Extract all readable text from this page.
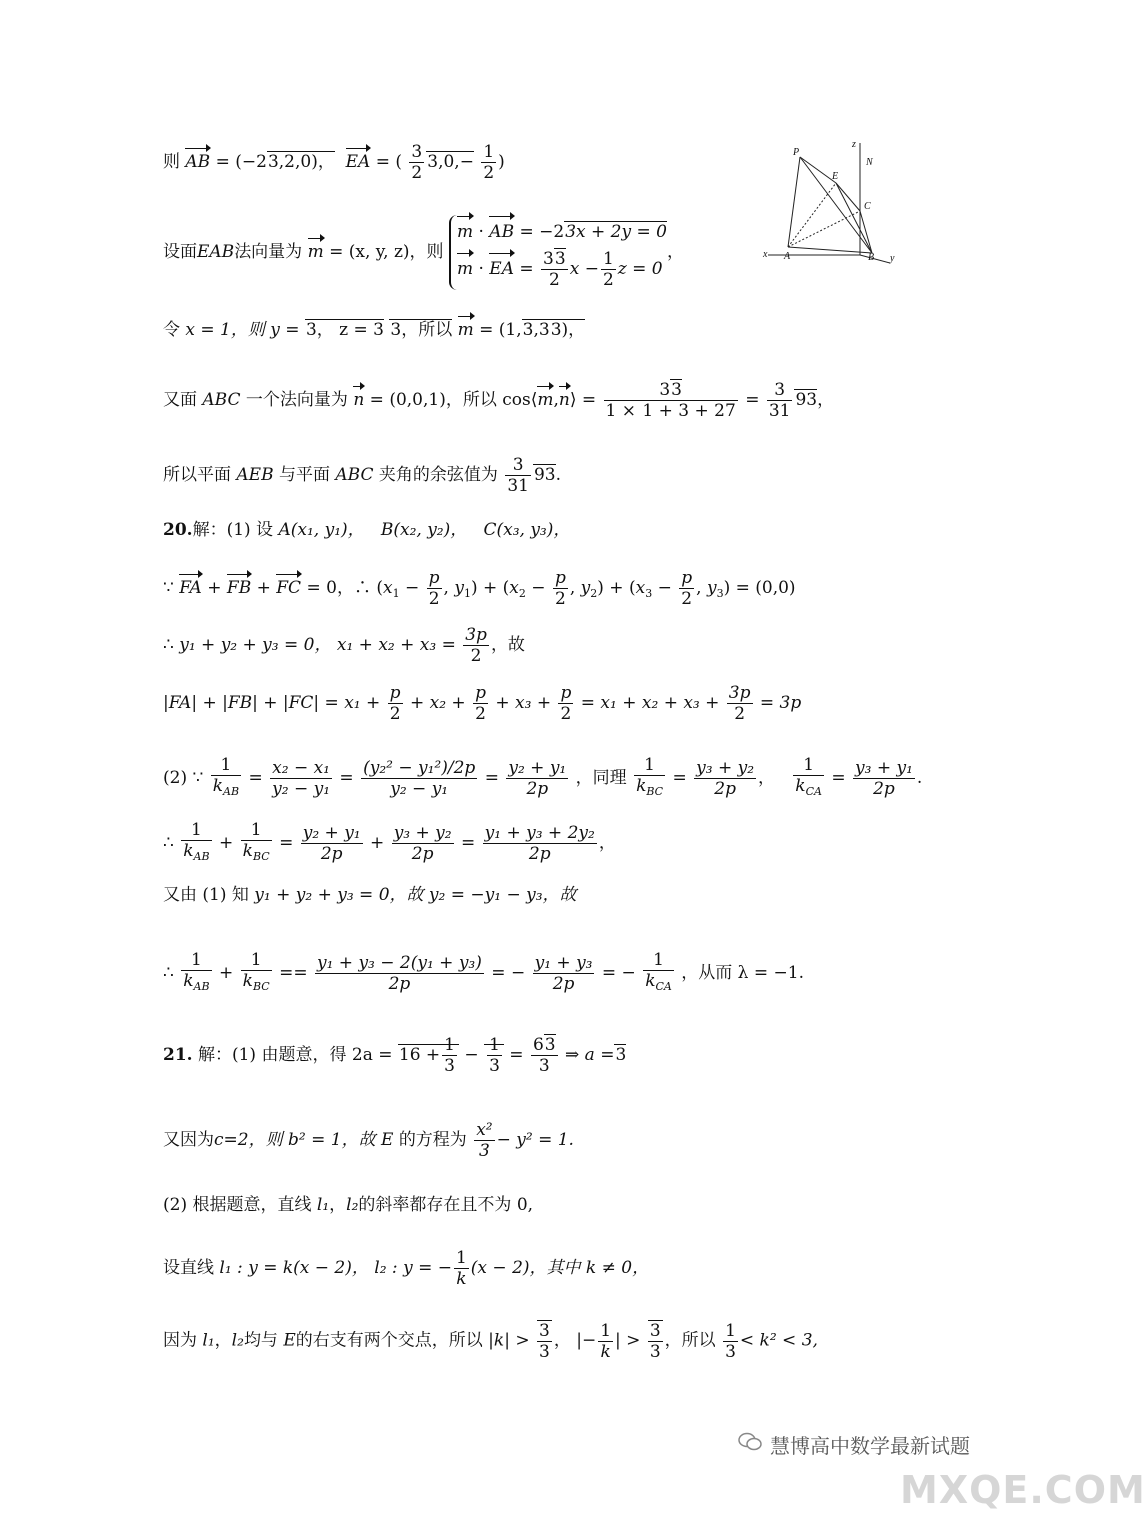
P
E
C
A	B
N
x	y
z
则 AB = (−23,2,0)， EA = ( $\frac{3}{2} 3,0,- \frac{1}{2}$ )
设面EAB法向量为 m = (x, y, z)，则
m · AB = −23x + 2y = 0
m · EA = $\frac{33}{2}$ $x - \frac{1}{2}$ z = 0
，
令 x = 1，则 y = 3， z = 3 3，所以 m = (1,3,33)，
又面 ABC 一个法向量为 n = (0,0,1)，所以 cos⟨m,n⟩ = $\frac{33}{1 \times 1 + 3 + 27} = \frac{3}{31} 93$，
所以平面 AEB 与平面 ABC 夹角的余弦值为 $\frac{3}{31} 93$.
20.解：(1) 设 A(x₁, y₁)， B(x₂, y₂)， C(x₃, y₃)，
∵ FA + FB + FC = 0，∴ ($x_1 - \frac{p}{2}$ , $y_1) + (x_2 - \frac{p}{2}$ , $y_2) + (x_3 - \frac{p}{2}$ , $y_3) = (0,0)$
∴ y₁ + y₂ + y₃ = 0， $x_1 + x_2 + x_3 = \frac{3p}{2}$ ，故
$|FA| + |FB| + |FC| = x_1 + \frac{p}{2} + x_2 + \frac{p}{2} + x_3 + \frac{p}{2} = x_1 + x_2 + x_3 + \frac{3p}{2} = 3p$
(2) ∵ $\frac{1}{k_{AB}} = \frac{\text{x₂ − x₁}}{\text{y₂ − y₁}} = \frac{\text{(y₂² − y₁²)/2p}}{\text{y₂ − y₁}} = \frac{\text{y₂ + y₁}}{2p}$ ，同理 $\frac{1}{k_{BC}} = \frac{\text{y₃ + y₂}}{2p}$ ， $\frac{1}{k_{CA}} = \frac{\text{y₃ + y₁}}{2p}$ .
∴ $\frac{1}{k_{AB}} + \frac{1}{k_{BC}} = \frac{\text{y₂ + y₁}}{2p} + \frac{\text{y₃ + y₂}}{2p} = \frac{\text{y₁ + y₃ + 2y₂}}{2p}$ ，
又由 (1) 知 y₁ + y₂ + y₃ = 0，故 y₂ = −y₁ − y₃，故
∴ $\frac{1}{k_{AB}} + \frac{1}{k_{BC}} == \frac{\text{y₁ + y₃ − 2(y₁ + y₃)}}{2p}$ = − $\frac{\text{y₁ + y₃}}{2p}$ = − $\frac{1}{k_{CA}}$ ，从而 λ = −1.
21. 解：(1) 由题意，得 $2a = 16 + \frac{1}{3} - \frac{1}{3} = \frac{63}{3}$ ⇒ a =3
又因为c=2，则 b² = 1，故 E 的方程为 $\frac{\text{x²}}{3} - y^2 = 1$.
(2) 根据题意，直线 l₁，l₂的斜率都存在且不为 0,
设直线 l₁ : y = k(x − 2)， l₂ : y = − $\frac{1}{k} (x - 2)$，其中 k ≠ 0，
因为 l₁，l₂均与 E的右支有两个交点，所以 $|k| > \frac{3}{3}$ ， |− $\frac{1}{k}$ | > $\frac{3}{3}$ ，所以 $\frac{1}{3} < k^2 < 3$,
慧博高中数学最新试题
MXQE.COM
